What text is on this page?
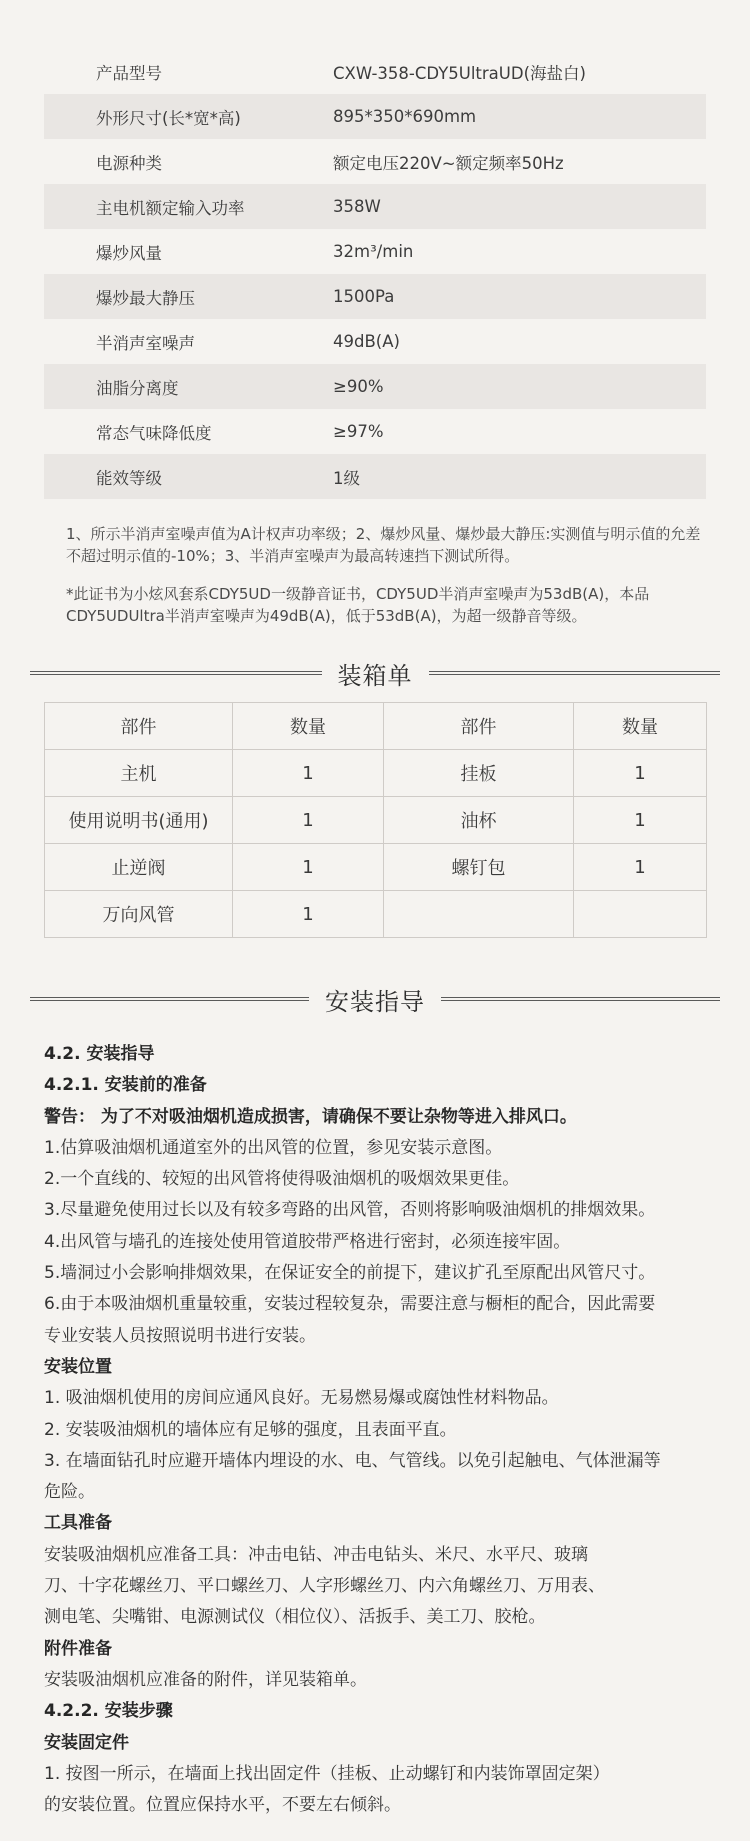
产品型号	CXW-358-CDY5UltraUD(海盐白)
外形尺寸(长*宽*高)	895*350*690mm
电源种类	额定电压220V~额定频率50Hz
主电机额定输入功率	358W
爆炒风量	32m³/min
爆炒最大静压	1500Pa
半消声室噪声	49dB(A)
油脂分离度	≥90%
常态气味降低度	≥97%
能效等级	1级
1、所示半消声室噪声值为A计权声功率级；2、爆炒风量、爆炒最大静压:实测值与明示值的允差不超过明示值的-10%；3、半消声室噪声为最高转速挡下测试所得。
*此证书为小炫风套系CDY5UD一级静音证书，CDY5UD半消声室噪声为53dB(A)，本品CDY5UDUltra半消声室噪声为49dB(A)，低于53dB(A)，为超一级静音等级。
装箱单
部件	数量	部件	数量
主机	1	挂板	1
使用说明书(通用)	1	油杯	1
止逆阀	1	螺钉包	1
万向风管	1		
安装指导
4.2. 安装指导
4.2.1. 安装前的准备
警告： 为了不对吸油烟机造成损害，请确保不要让杂物等进入排风口。
1.估算吸油烟机通道室外的出风管的位置，参见安装示意图。
2.一个直线的、较短的出风管将使得吸油烟机的吸烟效果更佳。
3.尽量避免使用过长以及有较多弯路的出风管，否则将影响吸油烟机的排烟效果。
4.出风管与墙孔的连接处使用管道胶带严格进行密封，必须连接牢固。
5.墙洞过小会影响排烟效果，在保证安全的前提下，建议扩孔至原配出风管尺寸。
6.由于本吸油烟机重量较重，安装过程较复杂，需要注意与橱柜的配合，因此需要
专业安装人员按照说明书进行安装。
安装位置
1. 吸油烟机使用的房间应通风良好。无易燃易爆或腐蚀性材料物品。
2. 安装吸油烟机的墙体应有足够的强度，且表面平直。
3. 在墙面钻孔时应避开墙体内埋设的水、电、气管线。以免引起触电、气体泄漏等
危险。
工具准备
安装吸油烟机应准备工具：冲击电钻、冲击电钻头、米尺、水平尺、玻璃
刀、十字花螺丝刀、平口螺丝刀、人字形螺丝刀、内六角螺丝刀、万用表、
测电笔、尖嘴钳、电源测试仪（相位仪）、活扳手、美工刀、胶枪。
附件准备
安装吸油烟机应准备的附件，详见装箱单。
4.2.2. 安装步骤
安装固定件
1. 按图一所示，在墙面上找出固定件（挂板、止动螺钉和内装饰罩固定架）
的安装位置。位置应保持水平，不要左右倾斜。
